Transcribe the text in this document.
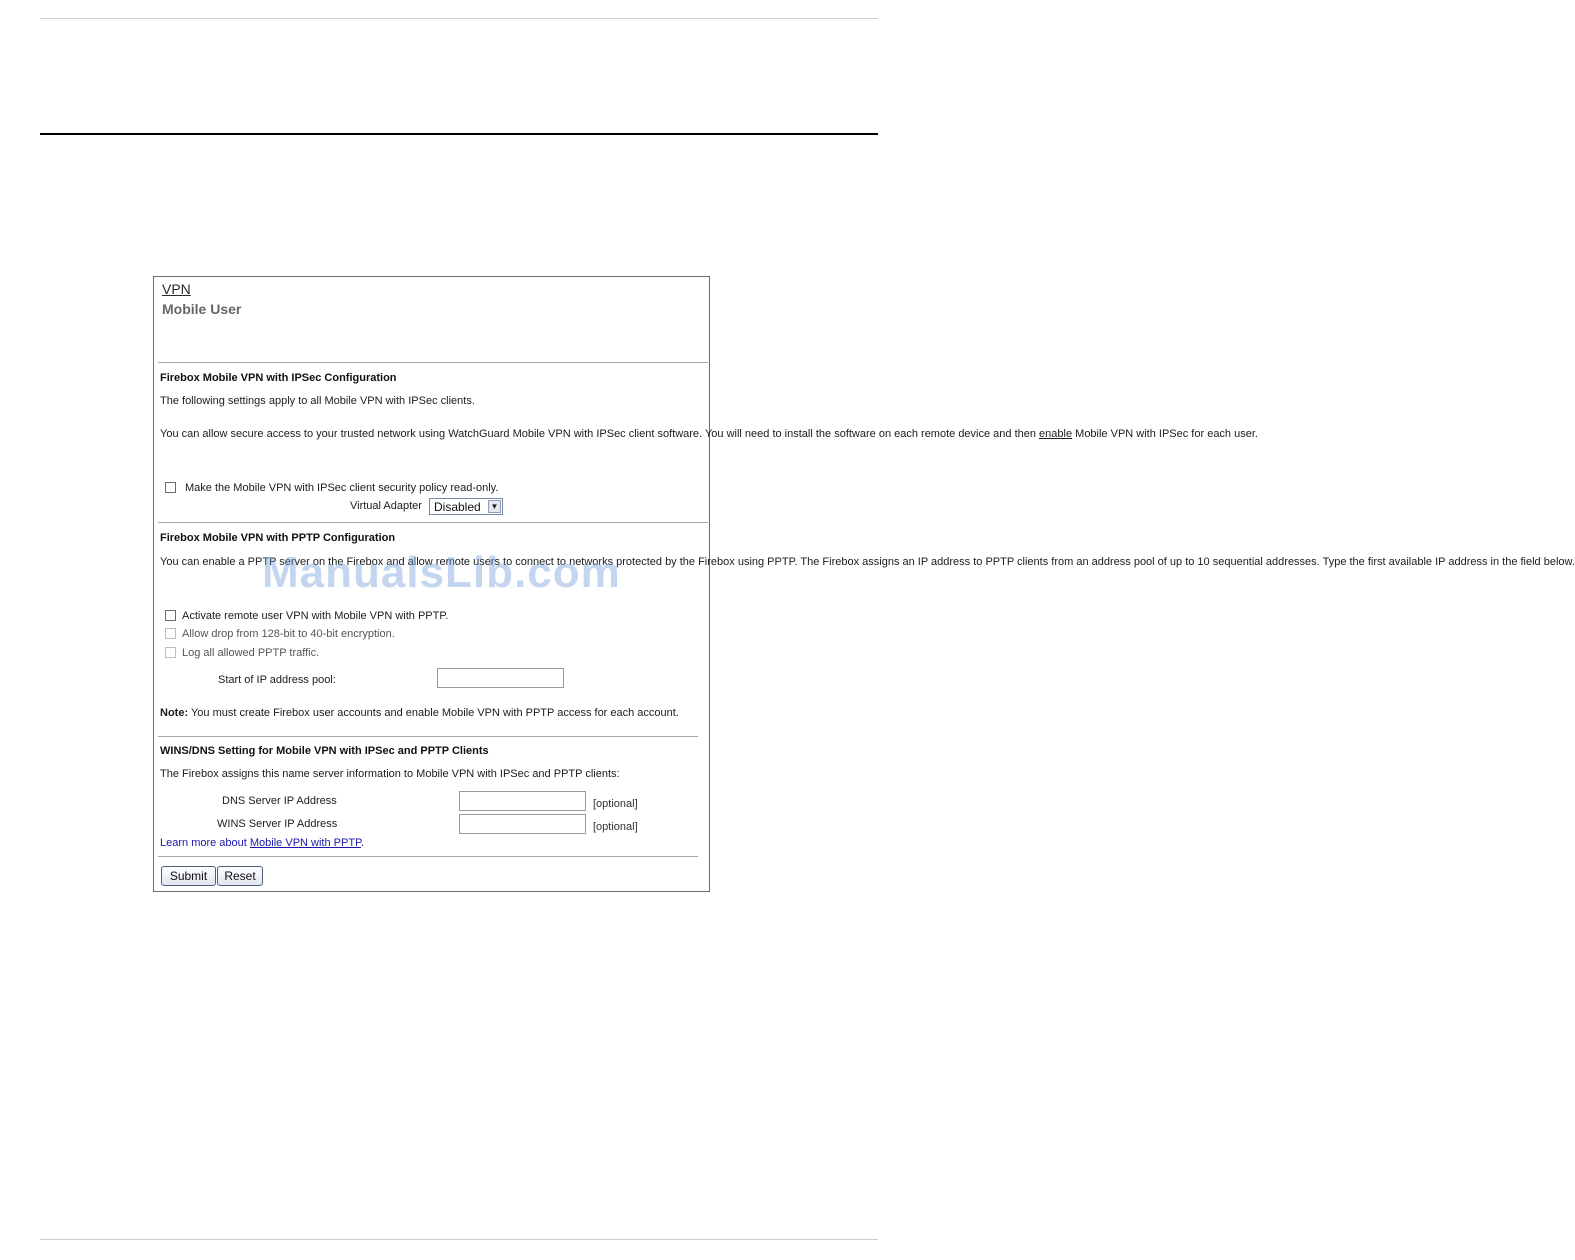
VPN
Mobile User
Firebox Mobile VPN with IPSec Configuration
The following settings apply to all Mobile VPN with IPSec clients.
You can allow secure access to your trusted network using WatchGuard Mobile VPN with IPSec client software. You will need to install the software on each remote device and then enable Mobile VPN with IPSec for each user.
Make the Mobile VPN with IPSec client security policy read-only.
Virtual Adapter Disabled	▼
Firebox Mobile VPN with PPTP Configuration
You can enable a PPTP server on the Firebox and allow remote users to connect to networks protected by the Firebox using PPTP. The Firebox assigns an IP address to PPTP clients from an address pool of up to 10 sequential addresses. Type the first available IP address in the field below.
Activate remote user VPN with Mobile VPN with PPTP.
Allow drop from 128-bit to 40-bit encryption.
Log all allowed PPTP traffic.
Start of IP address pool:
Note: You must create Firebox user accounts and enable Mobile VPN with PPTP access for each account.
WINS/DNS Setting for Mobile VPN with IPSec and PPTP Clients
The Firebox assigns this name server information to Mobile VPN with IPSec and PPTP clients:
DNS Server IP Address	[optional]
WINS Server IP Address	[optional]
Learn more about Mobile VPN with PPTP.
Submit	Reset
ManualsLib.com
